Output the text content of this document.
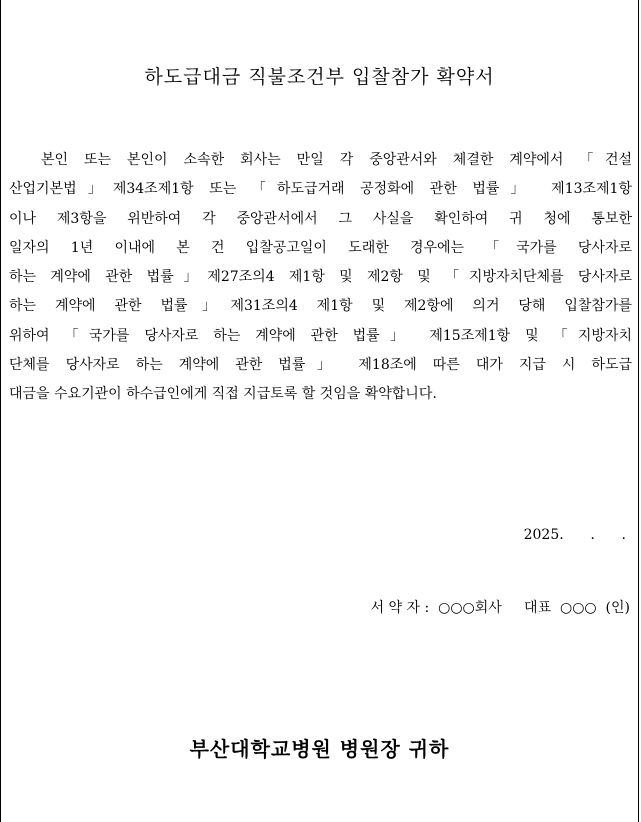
하도급대금 직불조건부 입찰참가 확약서
본인 또는 본인이 소속한 회사는 만일 각 중앙관서와 체결한 계약에서 「건설
산업기본법」제34조제1항 또는 「하도급거래 공정화에 관한 법률」 제13조제1항
이나 제3항을 위반하여 각 중앙관서에서 그 사실을 확인하여 귀 청에 통보한
일자의 1년 이내에 본 건 입찰공고일이 도래한 경우에는 「국가를 당사자로
하는 계약에 관한 법률」제27조의4 제1항 및 제2항 및 「지방자치단체를 당사자로
하는 계약에 관한 법률」제31조의4 제1항 및 제2항에 의거 당해 입찰참가를
위하여 「국가를 당사자로 하는 계약에 관한 법률」 제15조제1항 및 「지방자치
단체를 당사자로 하는 계약에 관한 법률」 제18조에 따른 대가 지급 시 하도급
대금을 수요기관이 하수급인에게 직접 지급토록 할 것임을 확약합니다.
2025.      .      .
서 약 자 :  ○○○회사     대표  ○○○  (인)
부산대학교병원 병원장 귀하
